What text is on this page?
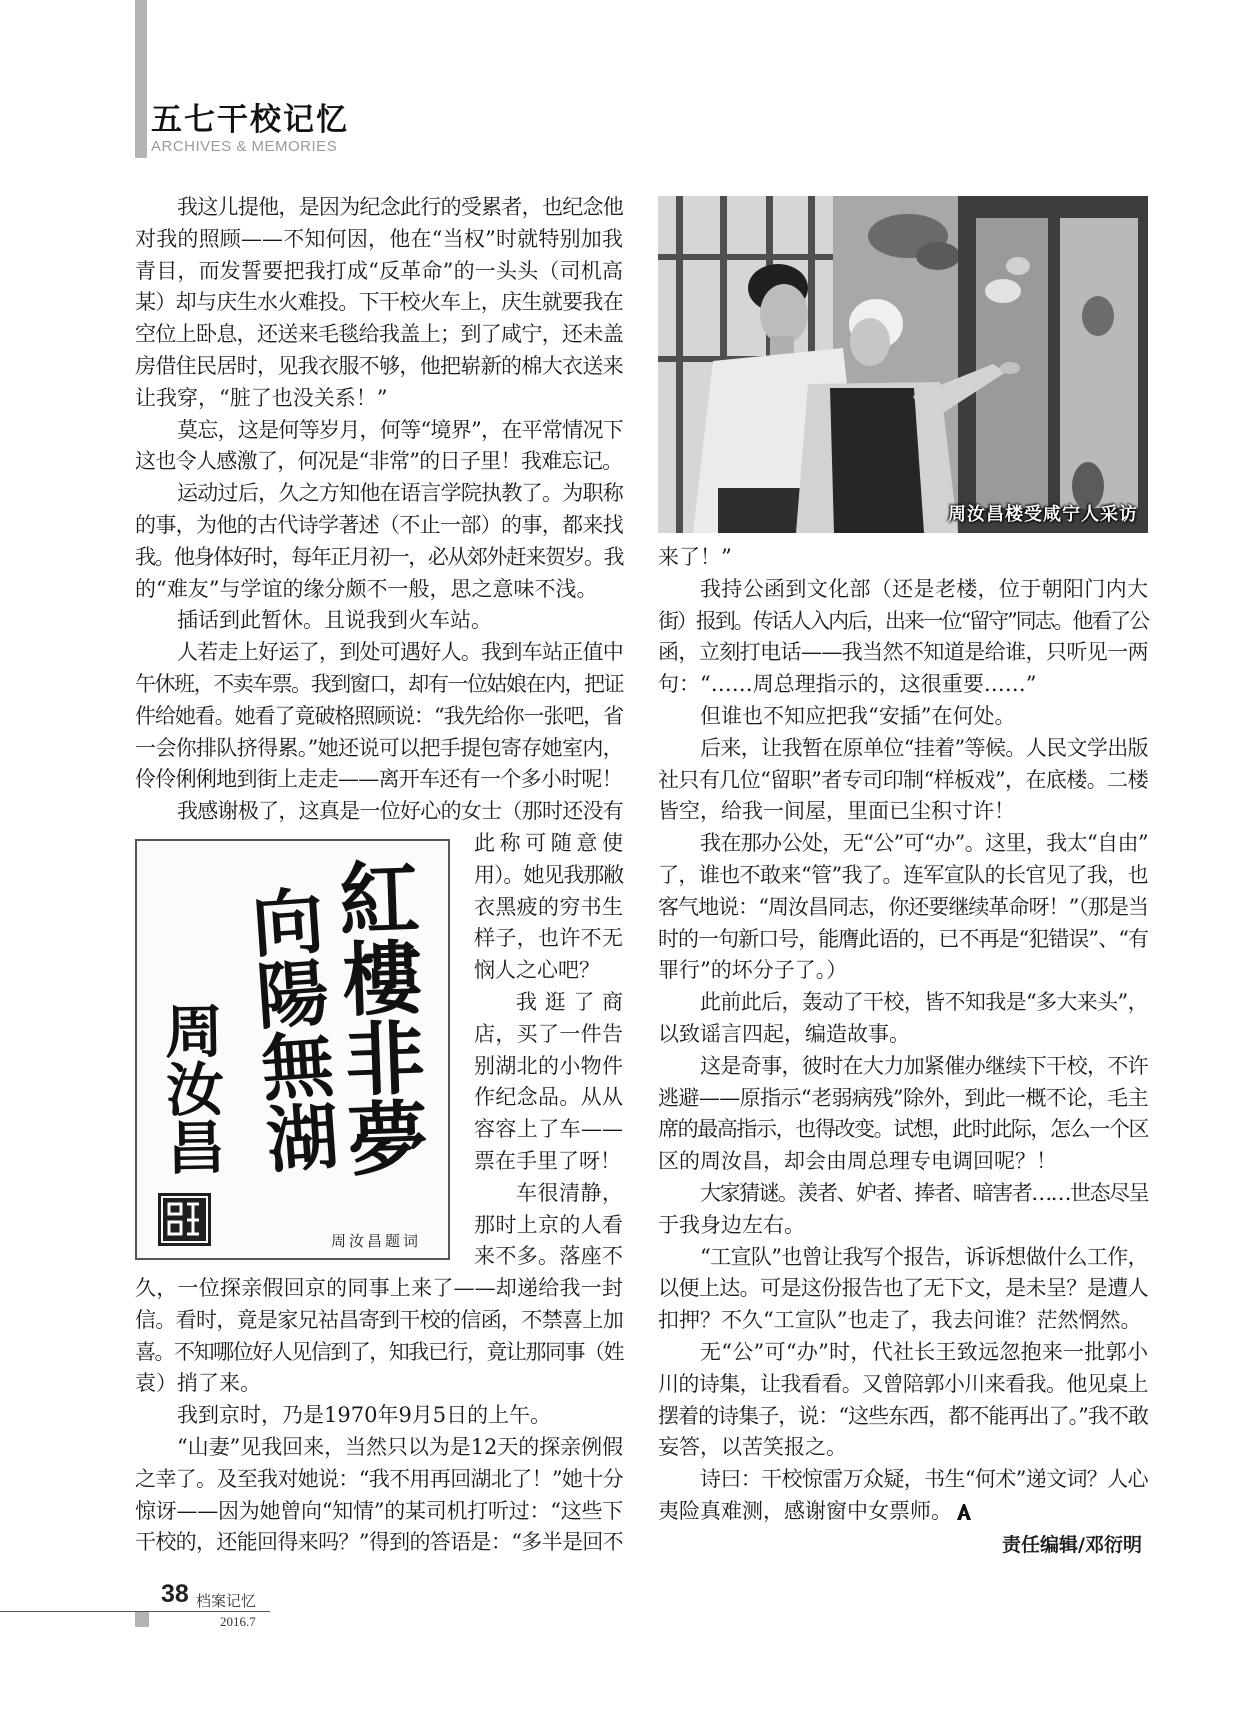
五七干校记忆
ARCHIVES & MEMORIES
我这儿提他，是因为纪念此行的受累者，也纪念他
对我的照顾——不知何因，他在“当权”时就特别加我
青目，而发誓要把我打成“反革命”的一头头（司机高
某）却与庆生水火难投。下干校火车上，庆生就要我在
空位上卧息，还送来毛毯给我盖上；到了咸宁，还未盖
房借住民居时，见我衣服不够，他把崭新的棉大衣送来
让我穿，“脏了也没关系！”
莫忘，这是何等岁月，何等“境界”，在平常情况下
这也令人感激了，何况是“非常”的日子里！我难忘记。
运动过后，久之方知他在语言学院执教了。为职称
的事，为他的古代诗学著述（不止一部）的事，都来找
我。他身体好时，每年正月初一，必从郊外赶来贺岁。我
的“难友”与学谊的缘分颇不一般，思之意味不浅。
插话到此暂休。且说我到火车站。
人若走上好运了，到处可遇好人。我到车站正值中
午休班，不卖车票。我到窗口，却有一位姑娘在内，把证
件给她看。她看了竟破格照顾说：“我先给你一张吧，省
一会你排队挤得累。”她还说可以把手提包寄存她室内，
伶伶俐俐地到街上走走——离开车还有一个多小时呢！
我感谢极了，这真是一位好心的女士（那时还没有
此称可随意使
用）。她见我那敝
衣黑疲的穷书生
样子，也许不无
悯人之心吧？
我逛了商
店，买了一件告
别湖北的小物件
作纪念品。从从
容容上了车——
票在手里了呀！
车很清静，
那时上京的人看
来不多。落座不
久，一位探亲假回京的同事上来了——却递给我一封
信。看时，竟是家兄祜昌寄到干校的信函，不禁喜上加
喜。不知哪位好人见信到了，知我已行，竟让那同事（姓
袁）捎了来。
我到京时，乃是1970年9月5日的上午。
“山妻”见我回来，当然只以为是12天的探亲例假
之幸了。及至我对她说：“我不用再回湖北了！”她十分
惊讶——因为她曾向“知情”的某司机打听过：“这些下
干校的，还能回得来吗？”得到的答语是：“多半是回不
紅樓非夢
向陽無湖
周汝昌
周汝昌题词
周汝昌楼受咸宁人采访
来了！”
我持公函到文化部（还是老楼，位于朝阳门内大
街）报到。传话人入内后，出来一位“留守”同志。他看了公
函，立刻打电话——我当然不知道是给谁，只听见一两
句：“……周总理指示的，这很重要……”
但谁也不知应把我“安插”在何处。
后来，让我暂在原单位“挂着”等候。人民文学出版
社只有几位“留职”者专司印制“样板戏”，在底楼。二楼
皆空，给我一间屋，里面已尘积寸许！
我在那办公处，无“公”可“办”。这里，我太“自由”
了，谁也不敢来“管”我了。连军宣队的长官见了我，也
客气地说：“周汝昌同志，你还要继续革命呀！”（那是当
时的一句新口号，能膺此语的，已不再是“犯错误”、“有
罪行”的坏分子了。）
此前此后，轰动了干校，皆不知我是“多大来头”，
以致谣言四起，编造故事。
这是奇事，彼时在大力加紧催办继续下干校，不许
逃避——原指示“老弱病残”除外，到此一概不论，毛主
席的最高指示，也得改变。试想，此时此际，怎么一个区
区的周汝昌，却会由周总理专电调回呢？！
大家猜谜。羡者、妒者、捧者、暗害者……世态尽呈
于我身边左右。
“工宣队”也曾让我写个报告，诉诉想做什么工作，
以便上达。可是这份报告也了无下文，是未呈？是遭人
扣押？不久“工宣队”也走了，我去问谁？茫然惘然。
无“公”可“办”时，代社长王致远忽抱来一批郭小
川的诗集，让我看看。又曾陪郭小川来看我。他见桌上
摆着的诗集子，说：“这些东西，都不能再出了。”我不敢
妄答，以苦笑报之。
诗曰：干校惊雷万众疑，书生“何术”递文词？人心
夷险真难测，感谢窗中女票师。
责任编辑/邓衍明
38 档案记忆
2016.7
